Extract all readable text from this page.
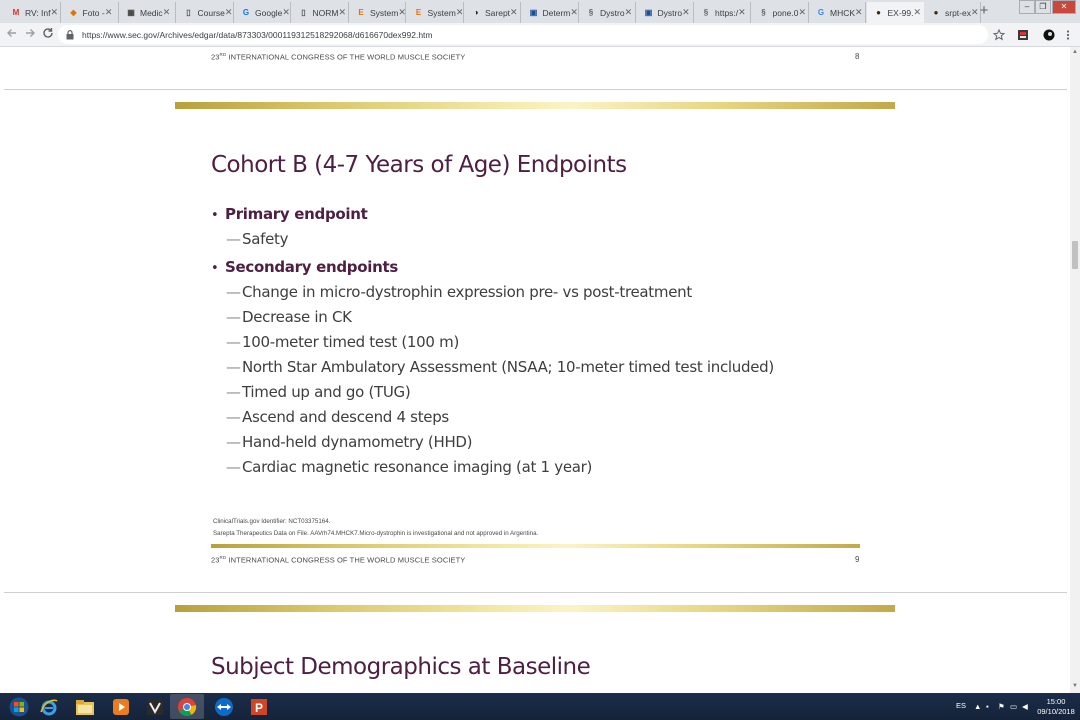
● srpt-ex ✕
● EX-99. ✕
G MHCK ✕
§ pone.0 ✕
§ https:/ ✕
▣ Dystro ✕
§ Dystro ✕
▣ Determ ✕
◑ Sarept ✕
E System ✕
E System ✕
▯ NORM ✕
G Google ✕
▯ Course ✕
▦ Medic ✕
◆ Foto - ✕
M RV: Inf ✕	+	–	❐	✕
https://www.sec.gov/Archives/edgar/data/873303/000119312518292068/d616670dex992.htm
23RD INTERNATIONAL CONGRESS OF THE WORLD MUSCLE SOCIETY	8
Cohort B (4-7 Years of Age) Endpoints
• Primary endpoint
—Safety
• Secondary endpoints
—Change in micro-dystrophin expression pre- vs post-treatment
—Decrease in CK
—100-meter timed test (100 m)
—North Star Ambulatory Assessment (NSAA; 10-meter timed test included)
—Timed up and go (TUG)
—Ascend and descend 4 steps
—Hand-held dynamometry (HHD)
—Cardiac magnetic resonance imaging (at 1 year)
ClinicalTrials.gov Identifier: NCT03375164.
Sarepta Therapeutics Data on File. AAVrh74.MHCK7.Micro-dystrophin is investigational and not approved in Argentina.
23RD INTERNATIONAL CONGRESS OF THE WORLD MUSCLE SOCIETY	9
Subject Demographics at Baseline
▲
▼
P	ES ▲ ▪ ⚑ ▭ ◀
15:00
09/10/2018
